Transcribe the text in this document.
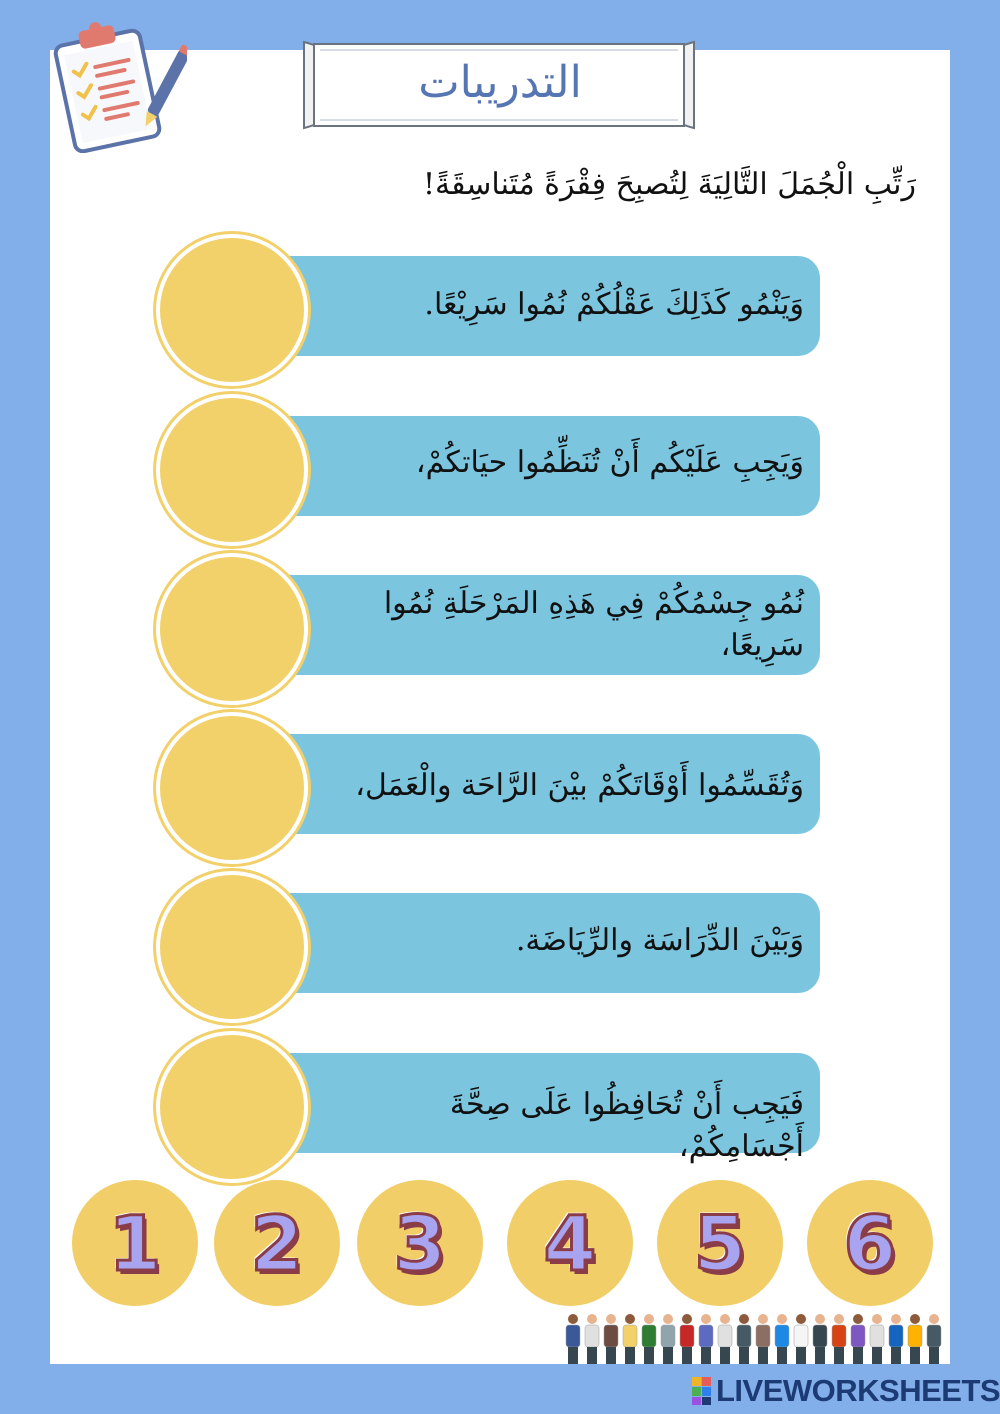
التدريبات
رَتِّبِ الْجُمَلَ التَّالِيَةَ لِتُصبِحَ فِقْرَةً مُتَناسِقَةً!
وَيَنْمُو كَذَلِكَ عَقْلُكُمْ نُمُوا سَرِيْعًا.
وَيَجِبِ عَلَيْكُم أَنْ تُنَظِّمُوا حيَاتكُمْ،
نُمُو جِسْمُكُمْ فِي هَذِهِ المَرْحَلَةِ نُمُوا سَرِيعًا،
وَتُقَسِّمُوا أَوْقَاتَكُمْ بيْنَ الرَّاحَة والْعَمَل،
وَبَيْنَ الدِّرَاسَة والرِّيَاضَة.
فَيَجِب أَنْ تُحَافِظُوا عَلَى صِحَّةَ أَجْسَامِكُمْ،
1 2 3 4 5 6
LIVEWORKSHEETS
